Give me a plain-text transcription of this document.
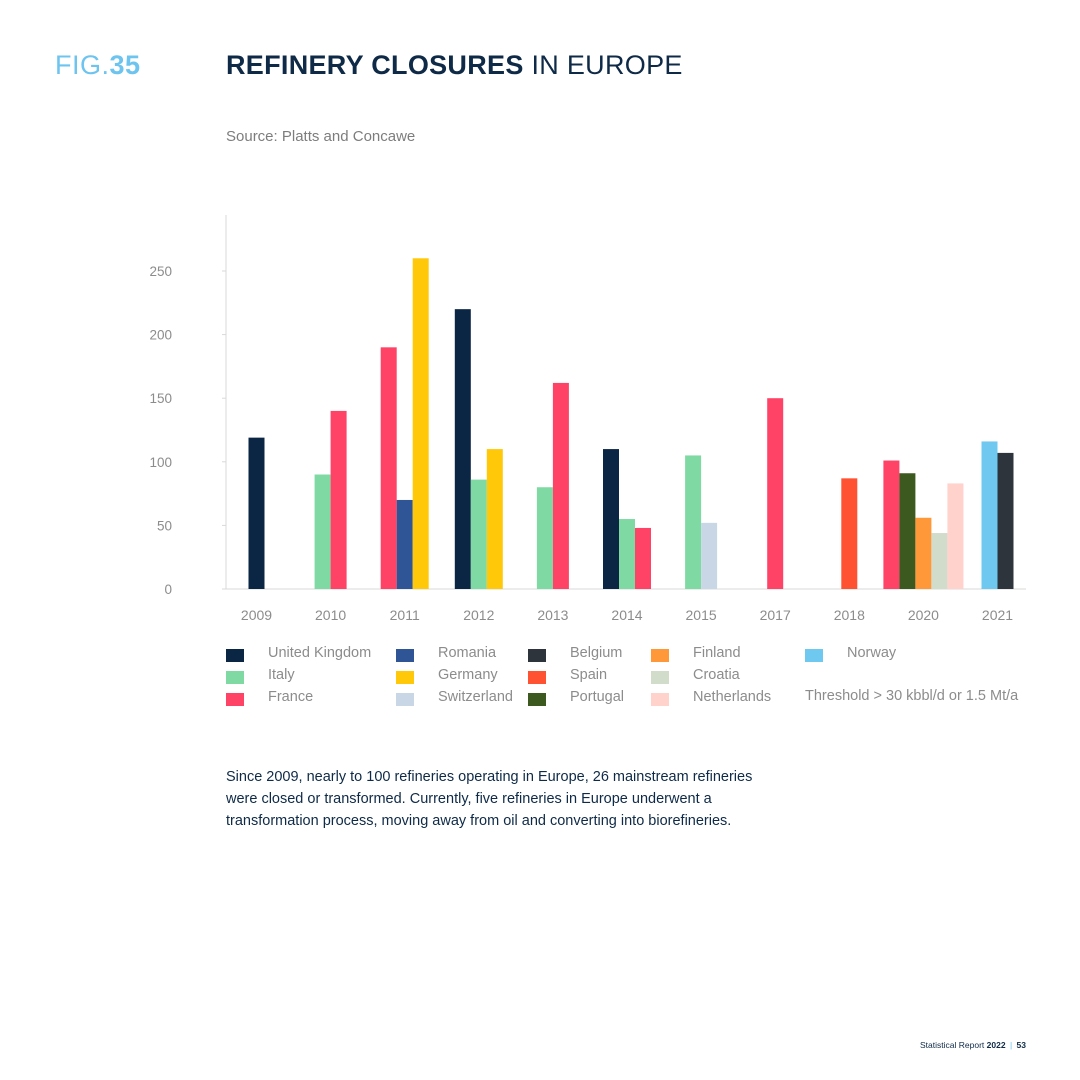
FIG.35	REFINERY CLOSURES IN EUROPE
Source: Platts and Concawe
0
50
100
150
200
250
2009	2010	2011	2012	2013	2014	2015	2017	2018	2020	2021
United Kingdom
Italy
France
Romania
Germany
Switzerland
Belgium
Spain
Portugal
Finland
Croatia
Netherlands
Norway
Threshold > 30 kbbl/d or 1.5 Mt/a
Since 2009, nearly to 100 refineries operating in Europe, 26 mainstream refineries
were closed or transformed. Currently, five refineries in Europe underwent a
transformation process, moving away from oil and converting into biorefineries.
Statistical Report 2022 | 53
